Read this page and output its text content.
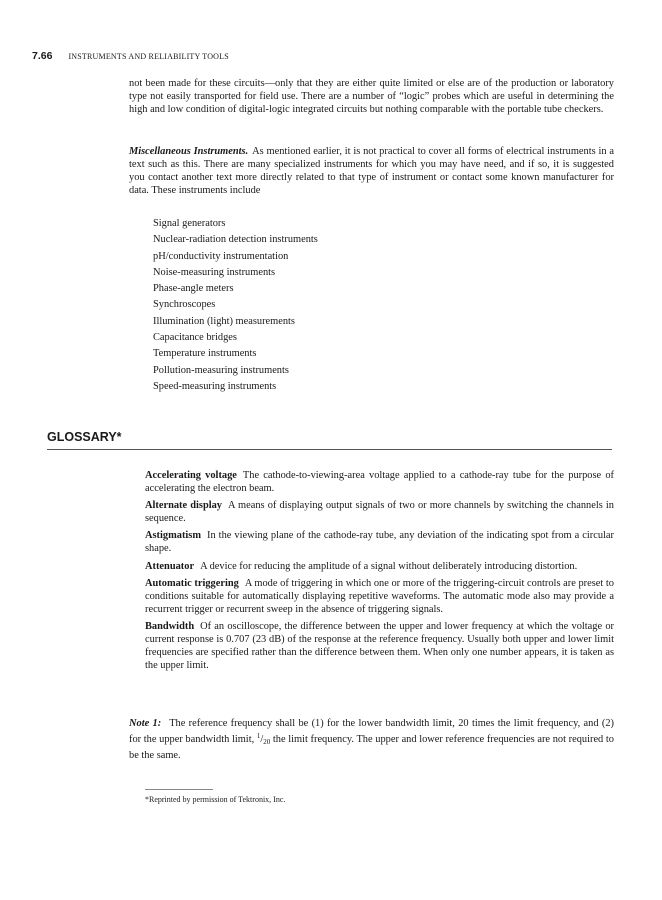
7.66 INSTRUMENTS AND RELIABILITY TOOLS

not been made for these circuits—only that they are either quite limited or else are of the production or laboratory type not easily transported for field use. There are a number of “logic” probes which are useful in determining the high and low condition of digital-logic integrated circuits but nothing comparable with the portable tube checkers.

Miscellaneous Instruments. As mentioned earlier, it is not practical to cover all forms of electrical instruments in a text such as this. There are many specialized instruments for which you may have need, and if so, it is suggested you contact another text more directly related to that type of instrument or contact some known manufacturer for data. These instruments include

Signal generators
Nuclear-radiation detection instruments
pH/conductivity instrumentation
Noise-measuring instruments
Phase-angle meters
Synchroscopes
Illumination (light) measurements
Capacitance bridges
Temperature instruments
Pollution-measuring instruments
Speed-measuring instruments
GLOSSARY*

Accelerating voltage The cathode-to-viewing-area voltage applied to a cathode-ray tube for the purpose of accelerating the electron beam.

Alternate display A means of displaying output signals of two or more channels by switching the channels in sequence.

Astigmatism In the viewing plane of the cathode-ray tube, any deviation of the indicating spot from a circular shape.

Attenuator A device for reducing the amplitude of a signal without deliberately introducing distortion.

Automatic triggering A mode of triggering in which one or more of the triggering-circuit controls are preset to conditions suitable for automatically displaying repetitive waveforms. The automatic mode also may provide a recurrent trigger or recurrent sweep in the absence of triggering signals.

Bandwidth Of an oscilloscope, the difference between the upper and lower frequency at which the voltage or current response is 0.707 (23 dB) of the response at the reference frequency. Usually both upper and lower limit frequencies are specified rather than the difference between them. When only one number appears, it is taken as the upper limit.

Note 1: The reference frequency shall be (1) for the lower bandwidth limit, 20 times the limit frequency, and (2) for the upper bandwidth limit, $^1/_{20}$ the limit frequency. The upper and lower reference frequencies are not required to be the same.

*Reprinted by permission of Tektronix, Inc.
